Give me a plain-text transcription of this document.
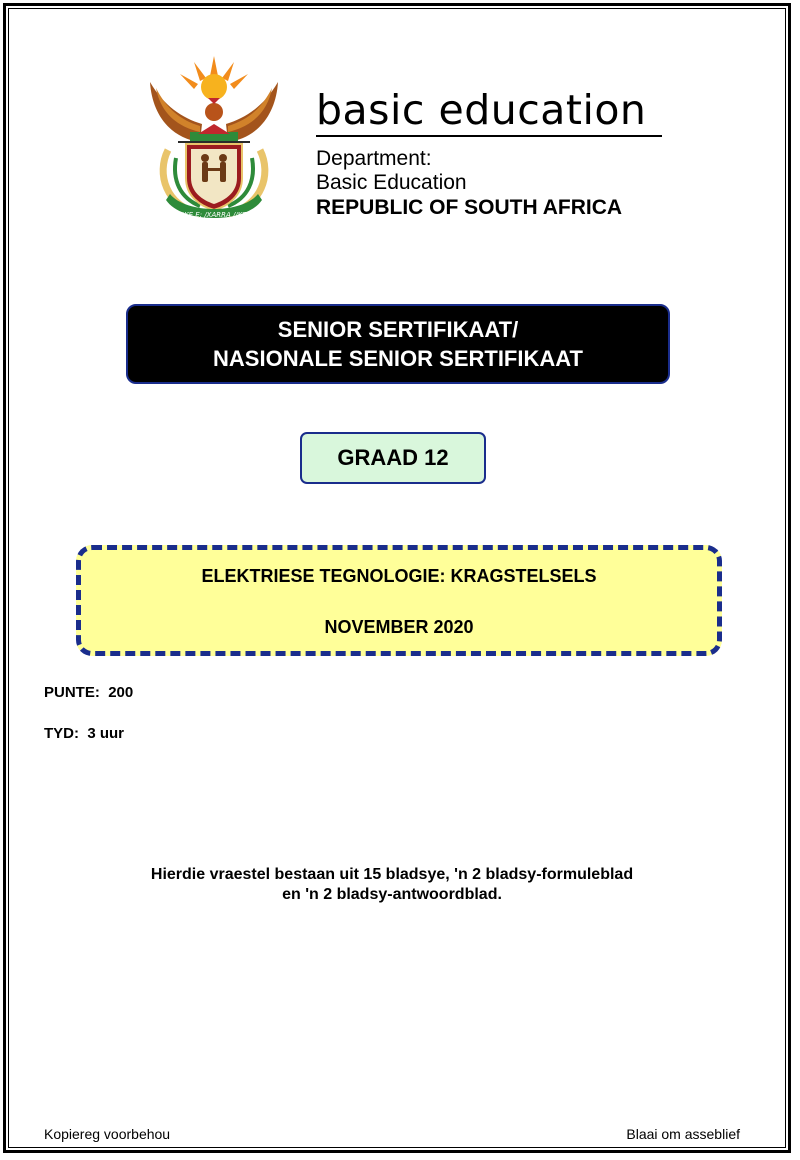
!KE E: /XARRA //KE
basic education
Department:
Basic Education
REPUBLIC OF SOUTH AFRICA
SENIOR SERTIFIKAAT/
NASIONALE SENIOR SERTIFIKAAT
GRAAD 12
ELEKTRIESE TEGNOLOGIE: KRAGSTELSELS
NOVEMBER 2020
PUNTE: 200
TYD: 3 uur
Hierdie vraestel bestaan uit 15 bladsye, 'n 2 bladsy-formuleblad
en 'n 2 bladsy-antwoordblad.
Kopiereg voorbehou	Blaai om asseblief
